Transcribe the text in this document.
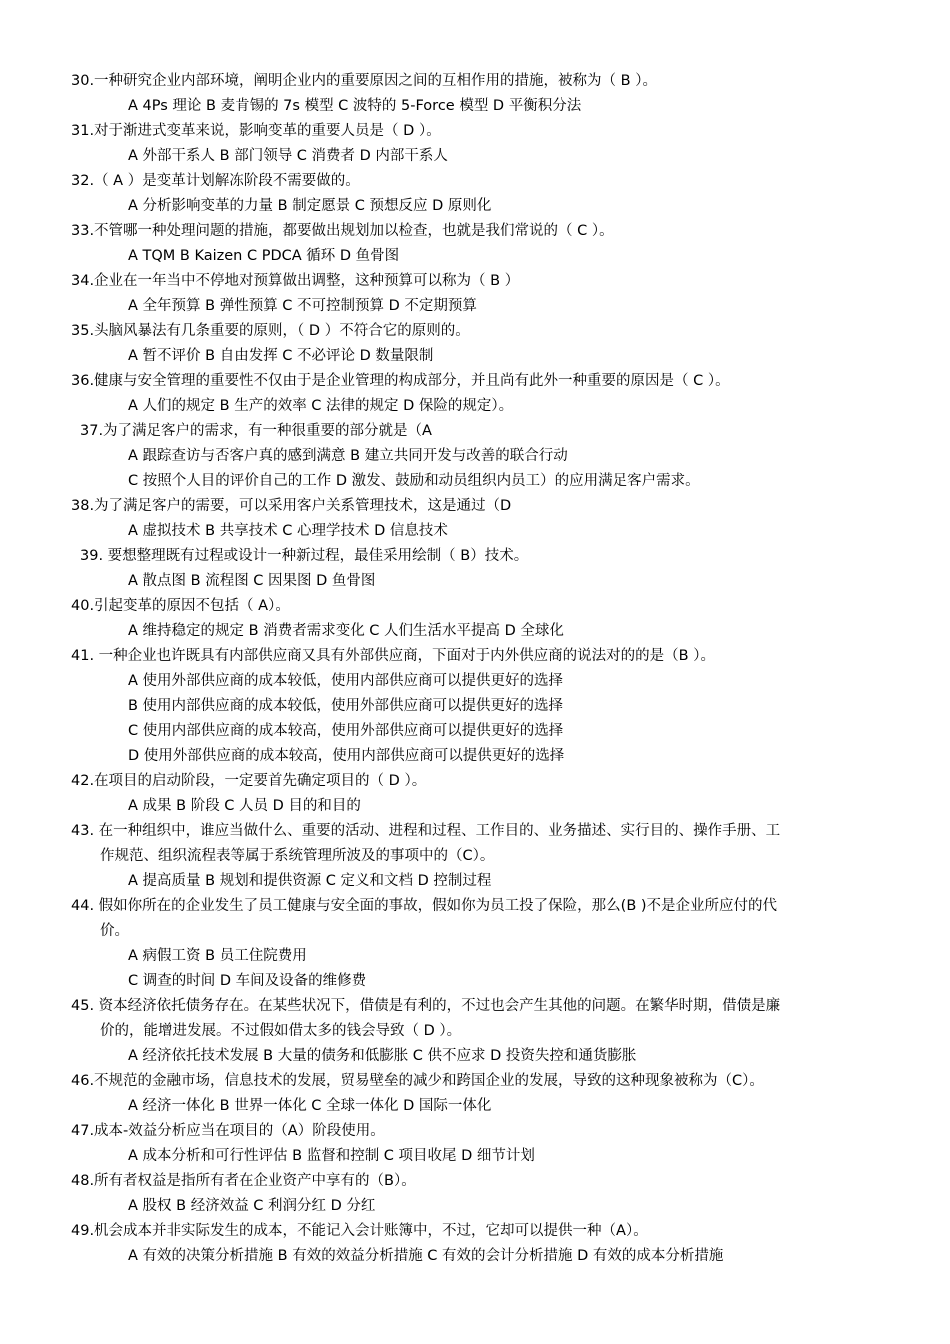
30.一种研究企业内部环境，阐明企业内的重要原因之间的互相作用的措施，被称为（ B ）。
A 4Ps 理论 B 麦肯锡的 7s 模型 C 波特的 5-Force 模型 D 平衡积分法
31.对于渐进式变革来说，影响变革的重要人员是（ D ）。
A 外部干系人 B 部门领导 C 消费者 D 内部干系人
32.（ A ）是变革计划解冻阶段不需要做的。
A 分析影响变革的力量 B 制定愿景 C 预想反应 D 原则化
33.不管哪一种处理问题的措施，都要做出规划加以检查，也就是我们常说的（ C ）。
A TQM B Kaizen C PDCA 循环 D 鱼骨图
34.企业在一年当中不停地对预算做出调整，这种预算可以称为（ B ）
A 全年预算 B 弹性预算 C 不可控制预算 D 不定期预算
35.头脑风暴法有几条重要的原则，（ D ）不符合它的原则的。
A 暂不评价 B 自由发挥 C 不必评论 D 数量限制
36.健康与安全管理的重要性不仅由于是企业管理的构成部分，并且尚有此外一种重要的原因是（ C ）。
A 人们的规定 B 生产的效率 C 法律的规定 D 保险的规定）。
37.为了满足客户的需求，有一种很重要的部分就是（A
A 跟踪查访与否客户真的感到满意 B 建立共同开发与改善的联合行动
C 按照个人目的评价自己的工作 D 激发、鼓励和动员组织内员工）的应用满足客户需求。
38.为了满足客户的需要，可以采用客户关系管理技术，这是通过（D
A 虚拟技术 B 共享技术 C 心理学技术 D 信息技术
39. 要想整理既有过程或设计一种新过程，最佳采用绘制（ B）技术。
A 散点图 B 流程图 C 因果图 D 鱼骨图
40.引起变革的原因不包括（ A）。
A 维持稳定的规定 B 消费者需求变化 C 人们生活水平提高 D 全球化
41. 一种企业也许既具有内部供应商又具有外部供应商，下面对于内外供应商的说法对的的是（B ）。
A 使用外部供应商的成本较低，使用内部供应商可以提供更好的选择
B 使用内部供应商的成本较低，使用外部供应商可以提供更好的选择
C 使用内部供应商的成本较高，使用外部供应商可以提供更好的选择
D 使用外部供应商的成本较高，使用内部供应商可以提供更好的选择
42.在项目的启动阶段，一定要首先确定项目的（ D ）。
A 成果 B 阶段 C 人员 D 目的和目的
43. 在一种组织中，谁应当做什么、重要的活动、进程和过程、工作目的、业务描述、实行目的、操作手册、工
作规范、组织流程表等属于系统管理所波及的事项中的（C）。
A 提高质量 B 规划和提供资源 C 定义和文档 D 控制过程
44. 假如你所在的企业发生了员工健康与安全面的事故，假如你为员工投了保险，那么(B )不是企业所应付的代
价。
A 病假工资 B 员工住院费用
C 调查的时间 D 车间及设备的维修费
45. 资本经济依托债务存在。在某些状况下，借债是有利的，不过也会产生其他的问题。在繁华时期，借债是廉
价的，能增进发展。不过假如借太多的钱会导致（ D ）。
A 经济依托技术发展 B 大量的债务和低膨胀 C 供不应求 D 投资失控和通货膨胀
46.不规范的金融市场，信息技术的发展，贸易壁垒的减少和跨国企业的发展，导致的这种现象被称为（C）。
A 经济一体化 B 世界一体化 C 全球一体化 D 国际一体化
47.成本-效益分析应当在项目的（A）阶段使用。
A 成本分析和可行性评估 B 监督和控制 C 项目收尾 D 细节计划
48.所有者权益是指所有者在企业资产中享有的（B）。
A 股权 B 经济效益 C 利润分红 D 分红
49.机会成本并非实际发生的成本，不能记入会计账簿中，不过，它却可以提供一种（A）。
A 有效的决策分析措施 B 有效的效益分析措施 C 有效的会计分析措施 D 有效的成本分析措施
